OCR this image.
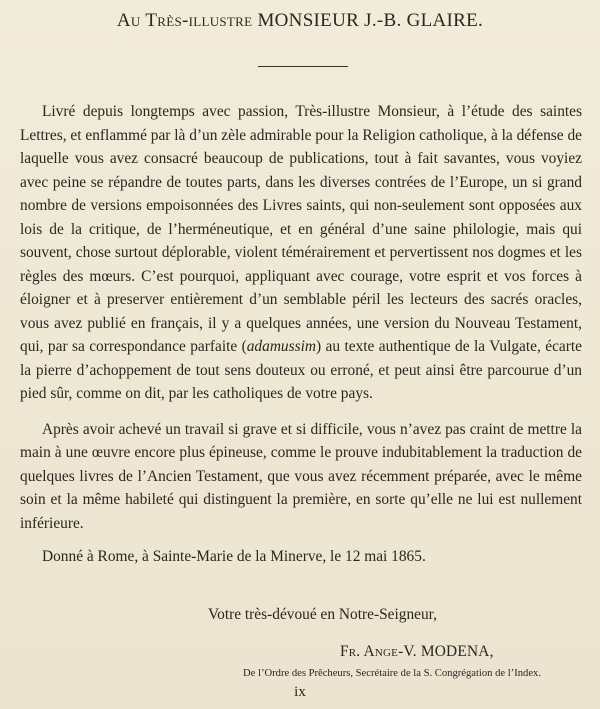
Au Très-illustre MONSIEUR J.-B. GLAIRE.

Livré depuis longtemps avec passion, Très-illustre Monsieur, à l’étude des saintes Lettres, et enflammé par là d’un zèle admirable pour la Religion catholique, à la défense de laquelle vous avez consacré beaucoup de publications, tout à fait savantes, vous voyiez avec peine se répandre de toutes parts, dans les diverses contrées de l’Europe, un si grand nombre de versions empoisonnées des Livres saints, qui non-seulement sont opposées aux lois de la critique, de l’herméneutique, et en général d’une saine philologie, mais qui souvent, chose surtout déplorable, violent témérairement et pervertissent nos dogmes et les règles des mœurs. C’est pourquoi, appliquant avec courage, votre esprit et vos forces à éloigner et à preserver entièrement d’un semblable péril les lecteurs des sacrés oracles, vous avez publié en français, il y a quelques années, une version du Nouveau Testament, qui, par sa correspondance parfaite (adamussim) au texte authentique de la Vulgate, écarte la pierre d’achoppement de tout sens douteux ou erroné, et peut ainsi être parcourue d’un pied sûr, comme on dit, par les catholiques de votre pays.

Après avoir achevé un travail si grave et si difficile, vous n’avez pas craint de mettre la main à une œuvre encore plus épineuse, comme le prouve indubitablement la traduction de quelques livres de l’Ancien Testament, que vous avez récemment préparée, avec le même soin et la même habileté qui distinguent la première, en sorte qu’elle ne lui est nullement inférieure.

Donné à Rome, à Sainte-Marie de la Minerve, le 12 mai 1865.
Votre très-dévoué en Notre-Seigneur,
Fr. Ange-V. MODENA,
De l’Ordre des Prêcheurs, Secrétaire de la S. Congrégation de l’Index.
ix
